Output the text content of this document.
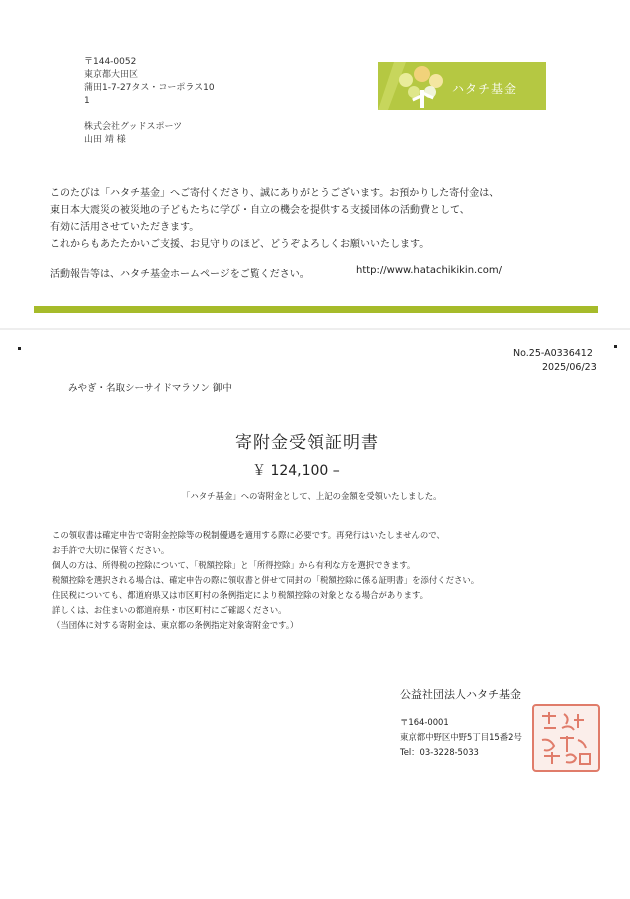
〒144-0052
東京都大田区
蒲田1-7-27タス・コーポラス10
1
株式会社グッドスポーツ
山田 靖 様
ハタチ基金
このたびは「ハタチ基金」へご寄付くださり、誠にありがとうございます。お預かりした寄付金は、
東日本大震災の被災地の子どもたちに学び・自立の機会を提供する支援団体の活動費として、
有効に活用させていただきます。
これからもあたたかいご支援、お見守りのほど、どうぞよろしくお願いいたします。
活動報告等は、ハタチ基金ホームページをご覧ください。	http://www.hatachikikin.com/
No.25-A0336412
2025/06/23
みやぎ・名取シーサイドマラソン 御中
寄附金受領証明書
￥ 124,100 –
「ハタチ基金」への寄附金として、上記の金額を受領いたしました。
この領収書は確定申告で寄附金控除等の税制優遇を適用する際に必要です。再発行はいたしませんので、
お手許で大切に保管ください。
個人の方は、所得税の控除について、「税額控除」と「所得控除」から有利な方を選択できます。
税額控除を選択される場合は、確定申告の際に領収書と併せて同封の「税額控除に係る証明書」を添付ください。
住民税についても、都道府県又は市区町村の条例指定により税額控除の対象となる場合があります。
詳しくは、お住まいの都道府県・市区町村にご確認ください。
（当団体に対する寄附金は、東京都の条例指定対象寄附金です。）
公益社団法人ハタチ基金
〒164-0001
東京都中野区中野5丁目15番2号
Tel：03-3228-5033
